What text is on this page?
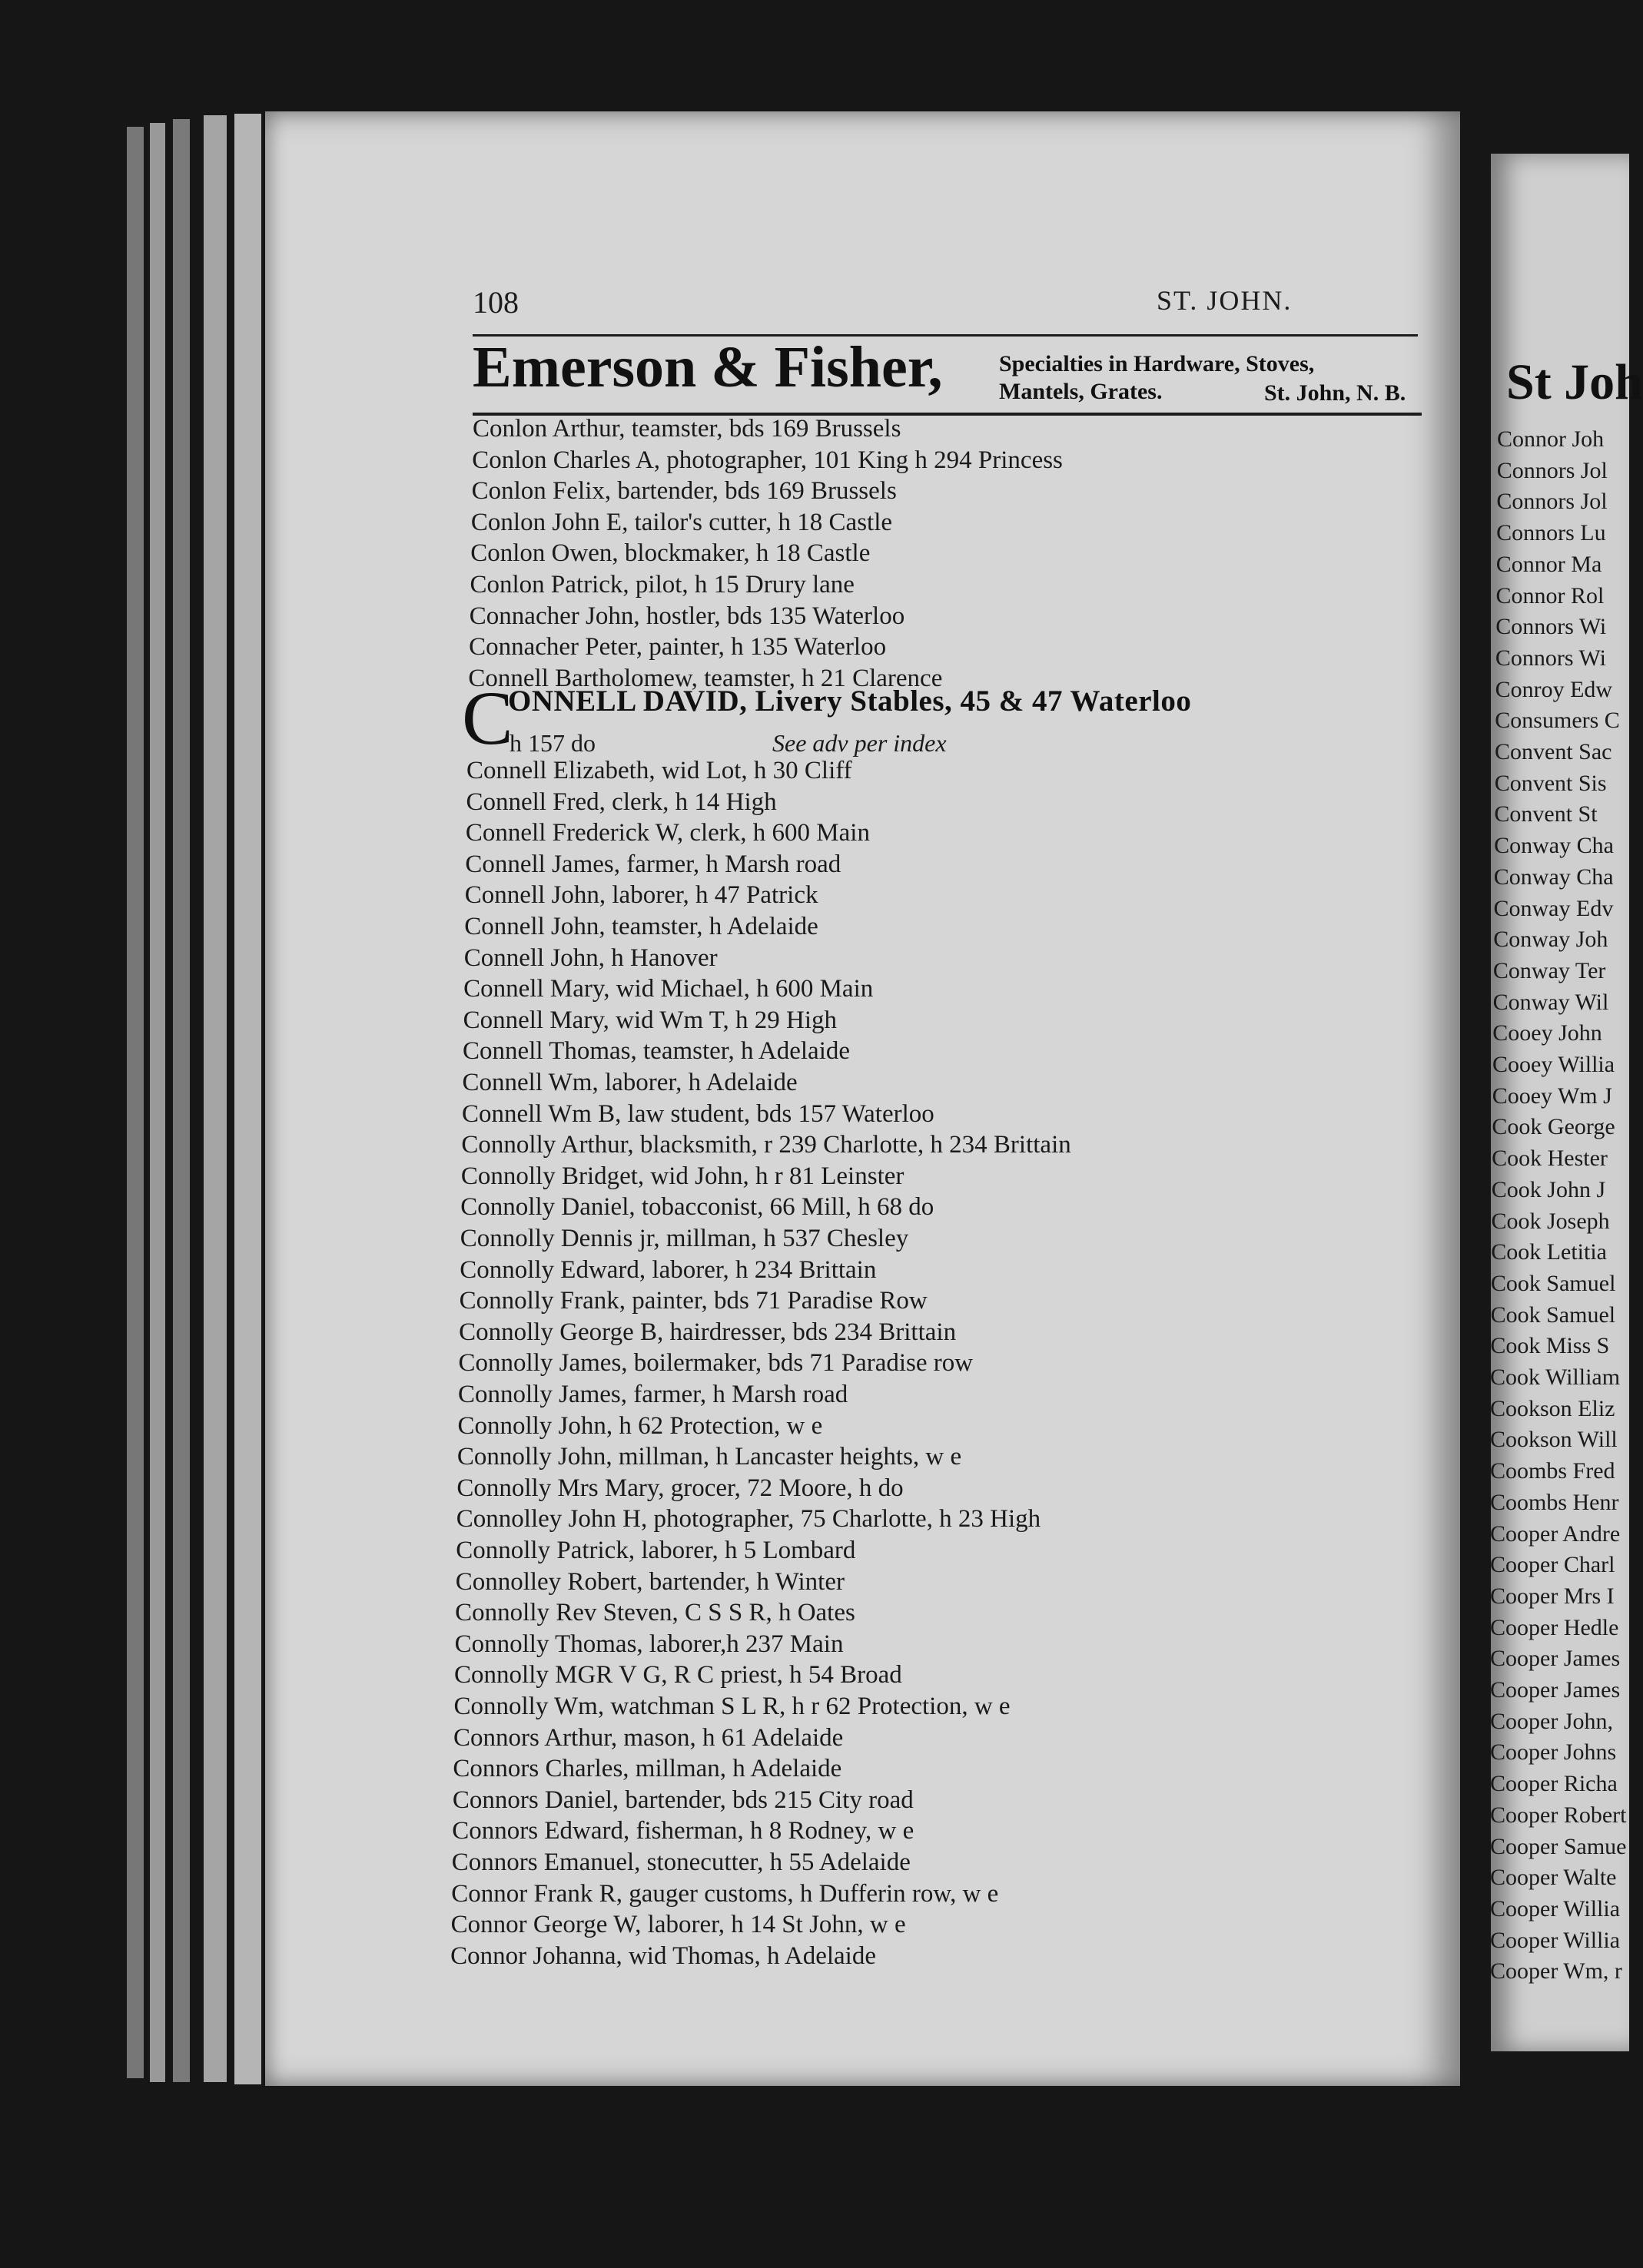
108	ST. JOHN.
Emerson & Fisher, Specialties in Hardware, Stoves,
Mantels, Grates.	St. John, N. B.
Conlon Arthur, teamster, bds 169 Brussels
Conlon Charles A, photographer, 101 King h 294 Princess
Conlon Felix, bartender, bds 169 Brussels
Conlon John E, tailor's cutter, h 18 Castle
Conlon Owen, blockmaker, h 18 Castle
Conlon Patrick, pilot, h 15 Drury lane
Connacher John, hostler, bds 135 Waterloo
Connacher Peter, painter, h 135 Waterloo
Connell Bartholomew, teamster, h 21 Clarence
Connell Elizabeth, wid Lot, h 30 Cliff
Connell Fred, clerk, h 14 High
Connell Frederick W, clerk, h 600 Main
Connell James, farmer, h Marsh road
Connell John, laborer, h 47 Patrick
Connell John, teamster, h Adelaide
Connell John, h Hanover
Connell Mary, wid Michael, h 600 Main
Connell Mary, wid Wm T, h 29 High
Connell Thomas, teamster, h Adelaide
Connell Wm, laborer, h Adelaide
Connell Wm B, law student, bds 157 Waterloo
Connolly Arthur, blacksmith, r 239 Charlotte, h 234 Brittain
Connolly Bridget, wid John, h r 81 Leinster
Connolly Daniel, tobacconist, 66 Mill, h 68 do
Connolly Dennis jr, millman, h 537 Chesley
Connolly Edward, laborer, h 234 Brittain
Connolly Frank, painter, bds 71 Paradise Row
Connolly George B, hairdresser, bds 234 Brittain
Connolly James, boilermaker, bds 71 Paradise row
Connolly James, farmer, h Marsh road
Connolly John, h 62 Protection, w e
Connolly John, millman, h Lancaster heights, w e
Connolly Mrs Mary, grocer, 72 Moore, h do
Connolley John H, photographer, 75 Charlotte, h 23 High
Connolly Patrick, laborer, h 5 Lombard
Connolley Robert, bartender, h Winter
Connolly Rev Steven, C S S R, h Oates
Connolly Thomas, laborer,h 237 Main
Connolly MGR V G, R C priest, h 54 Broad
Connolly Wm, watchman S L R, h r 62 Protection, w e
Connors Arthur, mason, h 61 Adelaide
Connors Charles, millman, h Adelaide
Connors Daniel, bartender, bds 215 City road
Connors Edward, fisherman, h 8 Rodney, w e
Connors Emanuel, stonecutter, h 55 Adelaide
Connor Frank R, gauger customs, h Dufferin row, w e
Connor George W, laborer, h 14 St John, w e
Connor Johanna, wid Thomas, h Adelaide
C
ONNELL DAVID, Livery Stables, 45 & 47 Waterloo
h 157 do	See adv per index
St Joh
Connor Joh
Connors Jol
Connors Jol
Connors Lu
Connor Ma
Connor Rol
Connors Wi
Connors Wi
Conroy Edw
Consumers C
Convent Sac
Convent Sis
Convent St
Conway Cha
Conway Cha
Conway Edv
Conway Joh
Conway Ter
Conway Wil
Cooey John
Cooey Willia
Cooey Wm J
Cook George
Cook Hester
Cook John J
Cook Joseph
Cook Letitia
Cook Samuel
Cook Samuel
Cook Miss S
Cook William
Cookson Eliz
Cookson Will
Coombs Fred
Coombs Henr
Cooper Andre
Cooper Charl
Cooper Mrs I
Cooper Hedle
Cooper James
Cooper James
Cooper John,
Cooper Johns
Cooper Richa
Cooper Robert
Cooper Samue
Cooper Walte
Cooper Willia
Cooper Willia
Cooper Wm, r
